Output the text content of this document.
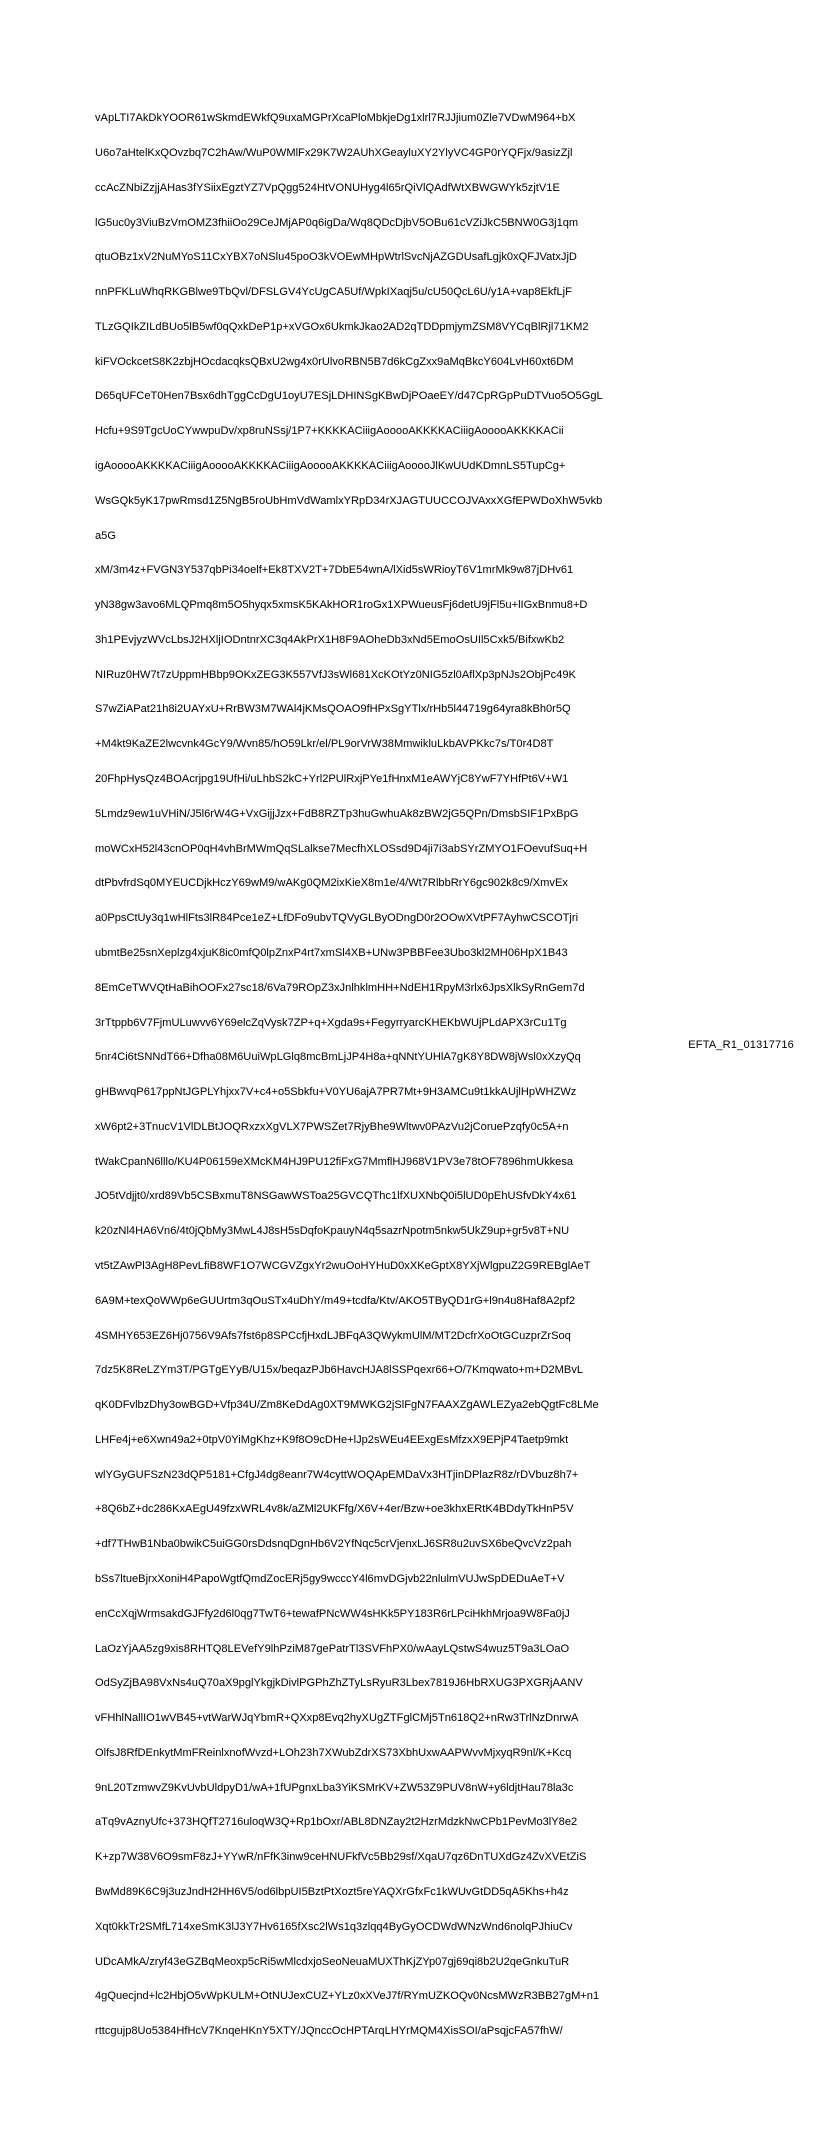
vApLTI7AkDkYOOR61wSkmdEWkfQ9uxaMGPrXcaPloMbkjeDg1xlrl7RJJjium0Zle7VDwM964+bX

U6o7aHtelKxQOvzbq7C2hAw/WuP0WMlFx29K7W2AUhXGeayluXY2YlyVC4GP0rYQFjx/9asizZjl

ccAcZNbiZzjjAHas3fYSiixEgztYZ7VpQgg524HtVONUHyg4l65rQiVlQAdfWtXBWGWYk5zjtV1E

lG5uc0y3ViuBzVmOMZ3fhiiOo29CeJMjAP0q6igDa/Wq8QDcDjbV5OBu61cVZiJkC5BNW0G3j1qm

qtuOBz1xV2NuMYoS11CxYBX7oNSlu45poO3kVOEwMHpWtrlSvcNjAZGDUsafLgjk0xQFJVatxJjD

nnPFKLuWhqRKGBlwe9TbQvl/DFSLGV4YcUgCA5Uf/WpkIXaqj5u/cU50QcL6U/y1A+vap8EkfLjF

TLzGQIkZILdBUo5lB5wf0qQxkDeP1p+xVGOx6UkmkJkao2AD2qTDDpmjymZSM8VYCqBlRjl71KM2

kiFVOckcetS8K2zbjHOcdacqksQBxU2wg4x0rUlvoRBN5B7d6kCgZxx9aMqBkcY604LvH60xt6DM

D65qUFCeT0Hen7Bsx6dhTggCcDgU1oyU7ESjLDHINSgKBwDjPOaeEY/d47CpRGpPuDTVuo5O5GgL

Hcfu+9S9TgcUoCYwwpuDv/xp8ruNSsj/1P7+KKKKACiiigAooooAKKKKACiiigAooooAKKKKACii

igAooooAKKKKACiiigAooooAKKKKACiiigAooooAKKKKACiiigAooooJlKwUUdKDmnLS5TupCg+

WsGQk5yK17pwRmsd1Z5NgB5roUbHmVdWamlxYRpD34rXJAGTUUCCOJVAxxXGfEPWDoXhW5vkb

a5G

xM/3m4z+FVGN3Y537qbPi34oelf+Ek8TXV2T+7DbE54wnA/lXid5sWRioyT6V1mrMk9w87jDHv61

yN38gw3avo6MLQPmq8m5O5hyqx5xmsK5KAkHOR1roGx1XPWueusFj6detU9jFl5u+lIGxBnmu8+D

3h1PEvjyzWVcLbsJ2HXljIODntnrXC3q4AkPrX1H8F9AOheDb3xNd5EmoOsUIl5Cxk5/BifxwKb2

NIRuz0HW7t7zUppmHBbp9OKxZEG3K557VfJ3sWl681XcKOtYz0NIG5zl0AflXp3pNJs2ObjPc49K

S7wZiAPat21h8i2UAYxU+RrBW3M7WAl4jKMsQOAO9fHPxSgYTlx/rHb5l44719g64yra8kBh0r5Q

+M4kt9KaZE2lwcvnk4GcY9/Wvn85/hO59Lkr/el/PL9orVrW38MmwikluLkbAVPKkc7s/T0r4D8T

20FhpHysQz4BOAcrjpg19UfHi/uLhbS2kC+Yrl2PUlRxjPYe1fHnxM1eAWYjC8YwF7YHfPt6V+W1

5Lmdz9ew1uVHiN/J5l6rW4G+VxGijjJzx+FdB8RZTp3huGwhuAk8zBW2jG5QPn/DmsbSIF1PxBpG

moWCxH52l43cnOP0qH4vhBrMWmQqSLalkse7MecfhXLOSsd9D4ji7i3abSYrZMYO1FOevufSuq+H

dtPbvfrdSq0MYEUCDjkHczY69wM9/wAKg0QM2ixKieX8m1e/4/Wt7RlbbRrY6gc902k8c9/XmvEx

a0PpsCtUy3q1wHlFts3lR84Pce1eZ+LfDFo9ubvTQVyGLByODngD0r2OOwXVtPF7AyhwCSCOTjri

ubmtBe25snXeplzg4xjuK8ic0mfQ0lpZnxP4rt7xmSl4XB+UNw3PBBFee3Ubo3kl2MH06HpX1B43

8EmCeTWVQtHaBihOOFx27sc18/6Va79ROpZ3xJnlhklmHH+NdEH1RpyM3rlx6JpsXlkSyRnGem7d

3rTtppb6V7FjmULuwvv6Y69elcZqVysk7ZP+q+Xgda9s+FegyrryarcKHEKbWUjPLdAPX3rCu1Tg

5nr4Ci6tSNNdT66+Dfha08M6UuiWpLGlq8mcBmLjJP4H8a+qNNtYUHlA7gK8Y8DW8jWsl0xXzyQq

gHBwvqP617ppNtJGPLYhjxx7V+c4+o5Sbkfu+V0YU6ajA7PR7Mt+9H3AMCu9t1kkAUjlHpWHZWz

xW6pt2+3TnucV1VlDLBtJOQRxzxXgVLX7PWSZet7RjyBhe9Wltwv0PAzVu2jCoruePzqfy0c5A+n

tWakCpanN6lllo/KU4P06159eXMcKM4HJ9PU12fiFxG7MmflHJ968V1PV3e78tOF7896hmUkkesa

JO5tVdjjt0/xrd89Vb5CSBxmuT8NSGawWSToa25GVCQThc1lfXUXNbQ0i5lUD0pEhUSfvDkY4x61

k20zNl4HA6Vn6/4t0jQbMy3MwL4J8sH5sDqfoKpauyN4q5sazrNpotm5nkw5UkZ9up+gr5v8T+NU

vt5tZAwPl3AgH8PevLfiB8WF1O7WCGVZgxYr2wuOoHYHuD0xXKeGptX8YXjWlgpuZ2G9REBglAeT

6A9M+texQoWWp6eGUUrtm3qOuSTx4uDhY/m49+tcdfa/Ktv/AKO5TByQD1rG+l9n4u8Haf8A2pf2

4SMHY653EZ6Hj0756V9Afs7fst6p8SPCcfjHxdLJBFqA3QWykmUlM/MT2DcfrXoOtGCuzprZrSoq

7dz5K8ReLZYm3T/PGTgEYyB/U15x/beqazPJb6HavcHJA8lSSPqexr66+O/7Kmqwato+m+D2MBvL

qK0DFvlbzDhy3owBGD+Vfp34U/Zm8KeDdAg0XT9MWKG2jSlFgN7FAAXZgAWLEZya2ebQgtFc8LMe

LHFe4j+e6Xwn49a2+0tpV0YiMgKhz+K9f8O9cDHe+lJp2sWEu4EExgEsMfzxX9EPjP4Taetp9mkt

wlYGyGUFSzN23dQP5181+CfgJ4dg8eanr7W4cyttWOQApEMDaVx3HTjinDPlazR8z/rDVbuz8h7+

+8Q6bZ+dc286KxAEgU49fzxWRL4v8k/aZMl2UKFfg/X6V+4er/Bzw+oe3khxERtK4BDdyTkHnP5V

+df7THwB1Nba0bwikC5uiGG0rsDdsnqDgnHb6V2YfNqc5crVjenxLJ6SR8u2uvSX6beQvcVz2pah

bSs7ltueBjrxXoniH4PapoWgtfQmdZocERj5gy9wcccY4l6mvDGjvb22nlulmVUJwSpDEDuAeT+V

enCcXqjWrmsakdGJFfy2d6l0qg7TwT6+tewafPNcWW4sHKk5PY183R6rLPciHkhMrjoa9W8Fa0jJ

LaOzYjAA5zg9xis8RHTQ8LEVefY9lhPziM87gePatrTl3SVFhPX0/wAayLQstwS4wuz5T9a3LOaO

OdSyZjBA98VxNs4uQ70aX9pglYkgjkDivlPGPhZhZTyLsRyuR3Lbex7819J6HbRXUG3PXGRjAANV

vFHhlNallIO1wVB45+vtWarWJqYbmR+QXxp8Evq2hyXUgZTFglCMj5Tn618Q2+nRw3TrlNzDnrwA

OlfsJ8RfDEnkytMmFReinlxnofWvzd+LOh23h7XWubZdrXS73XbhUxwAAPWvvMjxyqR9nl/K+Kcq

9nL20TzmwvZ9KvUvbUldpyD1/wA+1fUPgnxLba3YiKSMrKV+ZW53Z9PUV8nW+y6ldjtHau78la3c

aTq9vAznyUfc+373HQfT2716uloqW3Q+Rp1bOxr/ABL8DNZay2t2HzrMdzkNwCPb1PevMo3lY8e2

K+zp7W38V6O9smF8zJ+YYwR/nFfK3inw9ceHNUFkfVc5Bb29sf/XqaU7qz6DnTUXdGz4ZvXVEtZiS

BwMd89K6C9j3uzJndH2HH6V5/od6lbpUI5BztPtXozt5reYAQXrGfxFc1kWUvGtDD5qA5Khs+h4z

Xqt0kkTr2SMfL714xeSmK3lJ3Y7Hv6165fXsc2lWs1q3zlqq4ByGyOCDWdWNzWnd6nolqPJhiuCv

UDcAMkA/zryf43eGZBqMeoxp5cRi5wMlcdxjoSeoNeuaMUXThKjZYp07gj69qi8b2U2qeGnkuTuR

4gQuecjnd+lc2HbjO5vWpKULM+OtNUJexCUZ+YLz0xXVeJ7f/RYmUZKOQv0NcsMWzR3BB27gM+n1

rttcgujp8Uo5384HfHcV7KnqeHKnY5XTY/JQnccOcHPTArqLHYrMQM4XisSOI/aPsqjcFA57fhW/

EFTA_R1_01317716
